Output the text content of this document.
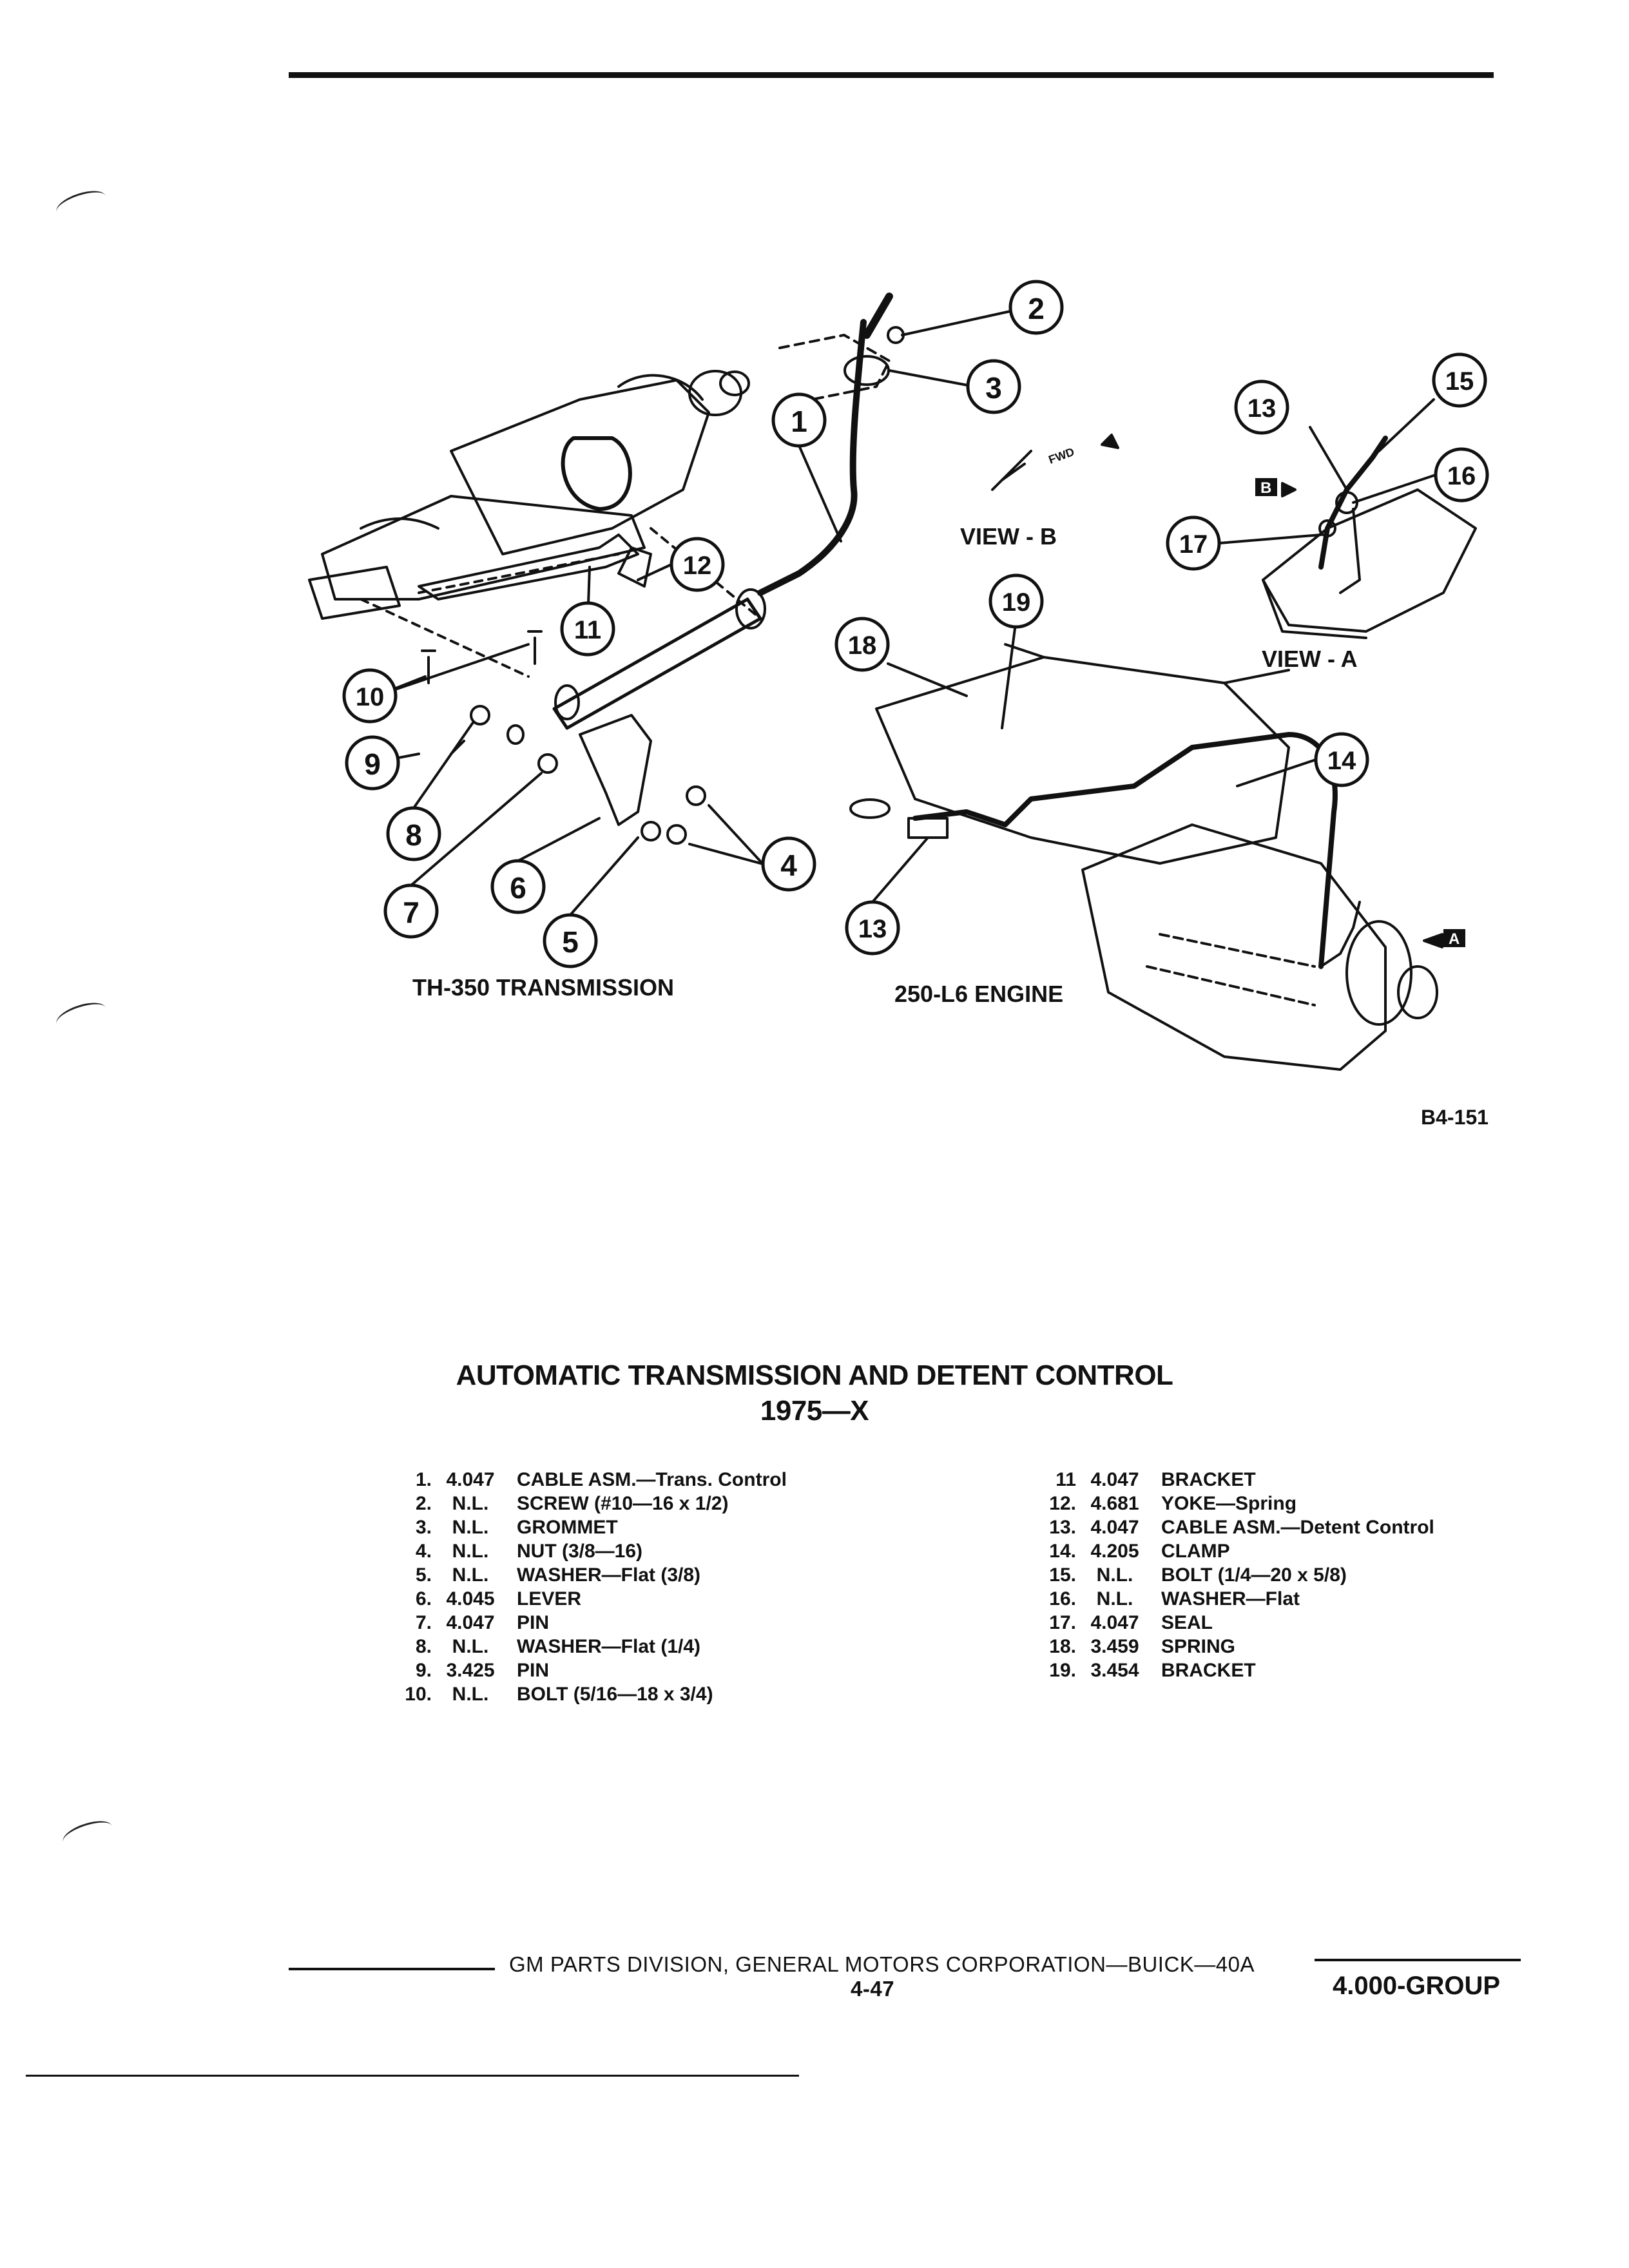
1
2
3
4
5
6
7
8
9
10
11
12
13
13
14
15
16
17
18
19
VIEW - B
VIEW - A
TH-350 TRANSMISSION	250-L6 ENGINE
B4-151
FWD
B
A
AUTOMATIC TRANSMISSION AND DETENT CONTROL
1975—X
1. 4.047	CABLE ASM.—Trans. Control
2.	N.L.	SCREW (#10—16 x 1/2)
3.	N.L.	GROMMET
4.	N.L.	NUT (3/8—16)
5.	N.L.	WASHER—Flat (3/8)
6. 4.045	LEVER
7. 4.047	PIN
8.	N.L.	WASHER—Flat (1/4)
9. 3.425	PIN
10.	N.L.	BOLT (5/16—18 x 3/4)
11 4.047	BRACKET
12. 4.681	YOKE—Spring
13. 4.047	CABLE ASM.—Detent Control
14. 4.205	CLAMP
15.	N.L.	BOLT (1/4—20 x 5/8)
16.	N.L.	WASHER—Flat
17. 4.047	SEAL
18. 3.459	SPRING
19. 3.454	BRACKET
GM PARTS DIVISION, GENERAL MOTORS CORPORATION—BUICK—40A
4-47	4.000-GROUP
